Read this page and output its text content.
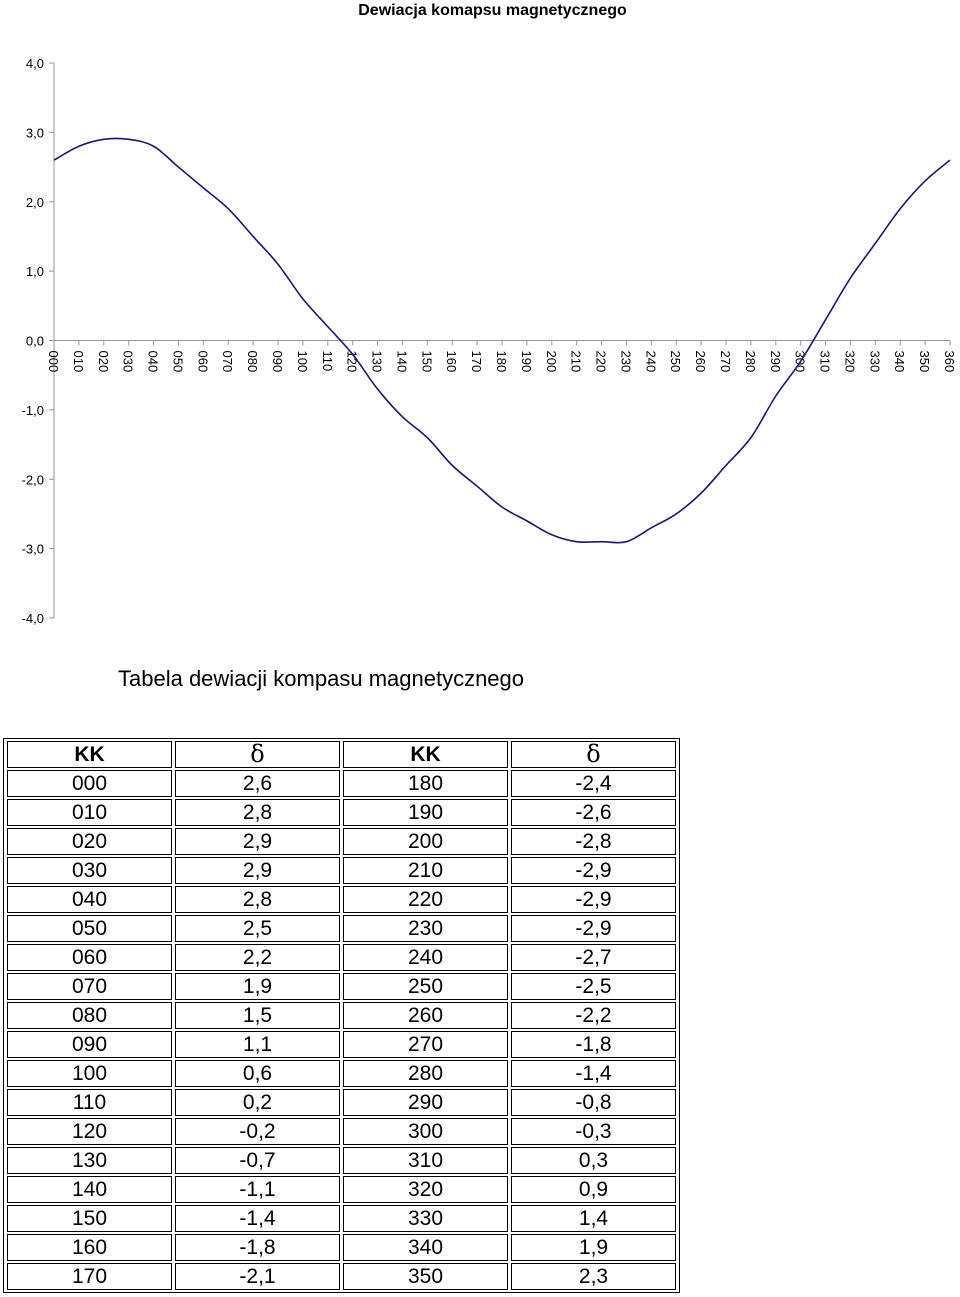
Dewiacja komapsu magnetycznego
4,0
3,0
2,0
1,0
0,0
-1,0
-2,0
-3,0
-4,0
000 010 020 030 040 050 060 070 080 090 100 110 120 130 140 150 160 170 180 190 200 210 220 230 240 250 260 270 280 290 300 310 320 330 340 350 360
Tabela dewiacji kompasu magnetycznego
KK	δ	KK	δ
000	2,6	180	-2,4
010	2,8	190	-2,6
020	2,9	200	-2,8
030	2,9	210	-2,9
040	2,8	220	-2,9
050	2,5	230	-2,9
060	2,2	240	-2,7
070	1,9	250	-2,5
080	1,5	260	-2,2
090	1,1	270	-1,8
100	0,6	280	-1,4
110	0,2	290	-0,8
120	-0,2	300	-0,3
130	-0,7	310	0,3
140	-1,1	320	0,9
150	-1,4	330	1,4
160	-1,8	340	1,9
170	-2,1	350	2,3
